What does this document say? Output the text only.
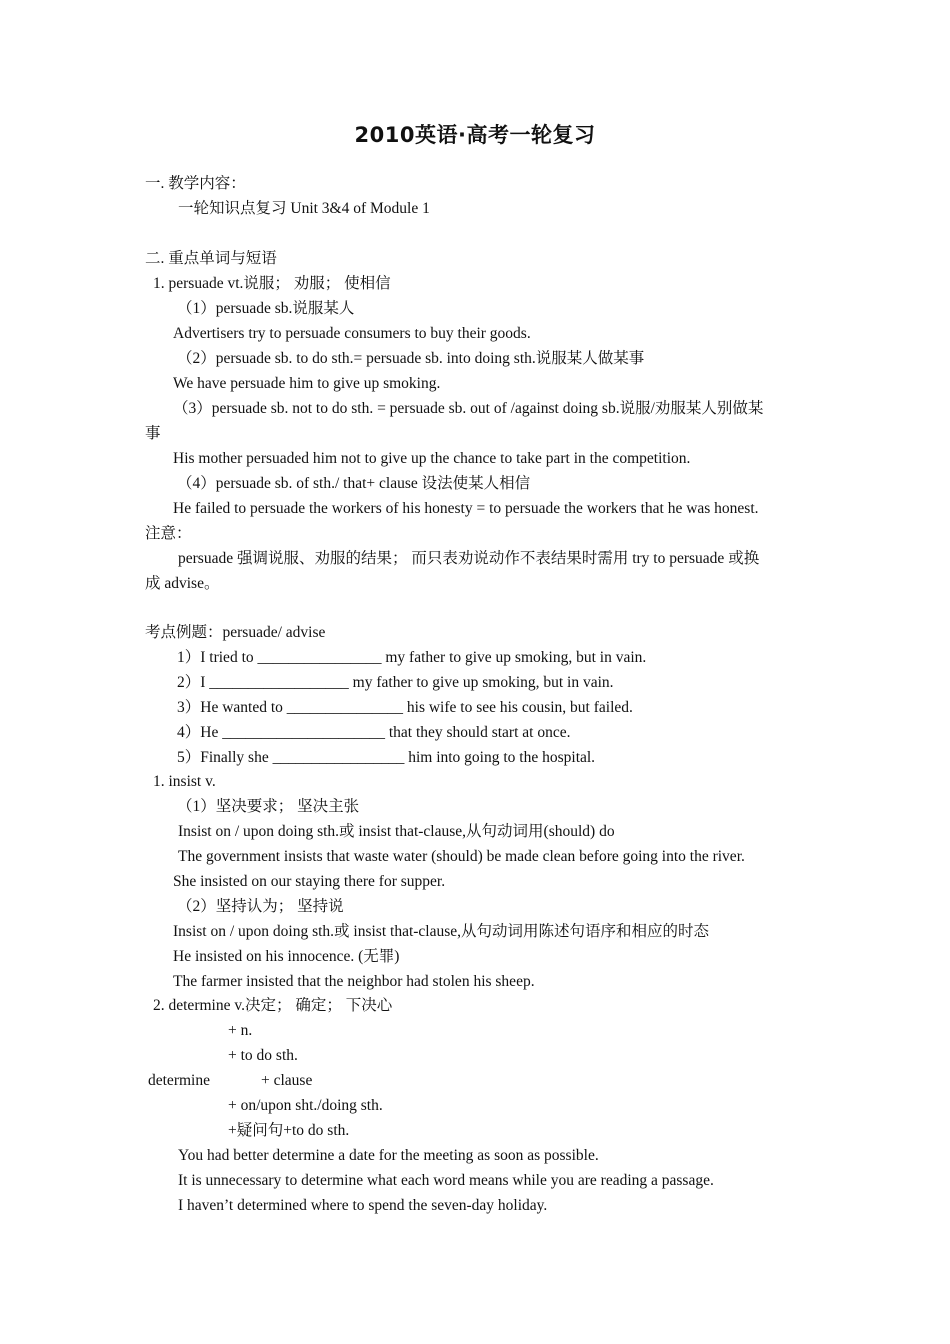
2010英语·高考一轮复习
一. 教学内容：
一轮知识点复习 Unit 3&4 of Module 1
二. 重点单词与短语
1. persuade vt.说服； 劝服； 使相信
（1）persuade sb.说服某人
Advertisers try to persuade consumers to buy their goods.
（2）persuade sb. to do sth.= persuade sb. into doing sth.说服某人做某事
We have persuade him to give up smoking.
（3）persuade sb. not to do sth. = persuade sb. out of /against doing sb.说服/劝服某人别做某
事
His mother persuaded him not to give up the chance to take part in the competition.
（4）persuade sb. of sth./ that+ clause 设法使某人相信
He failed to persuade the workers of his honesty = to persuade the workers that he was honest.
注意：
persuade 强调说服、劝服的结果； 而只表劝说动作不表结果时需用 try to persuade 或换
成 advise。
考点例题：persuade/ advise
1）I tried to ________________ my father to give up smoking, but in vain.
2）I __________________ my father to give up smoking, but in vain.
3）He wanted to _______________ his wife to see his cousin, but failed.
4）He _____________________ that they should start at once.
5）Finally she _________________ him into going to the hospital.
1. insist v.
（1）坚决要求； 坚决主张
Insist on / upon doing sth.或 insist that-clause,从句动词用(should) do
The government insists that waste water (should) be made clean before going into the river.
She insisted on our staying there for supper.
（2）坚持认为； 坚持说
Insist on / upon doing sth.或 insist that-clause,从句动词用陈述句语序和相应的时态
He insisted on his innocence. (无罪)
The farmer insisted that the neighbor had stolen his sheep.
2. determine v.决定； 确定； 下决心
+ n.
+ to do sth.
determine	+ clause
+ on/upon sht./doing sth.
+疑问句+to do sth.
You had better determine a date for the meeting as soon as possible.
It is unnecessary to determine what each word means while you are reading a passage.
I haven’t determined where to spend the seven-day holiday.
